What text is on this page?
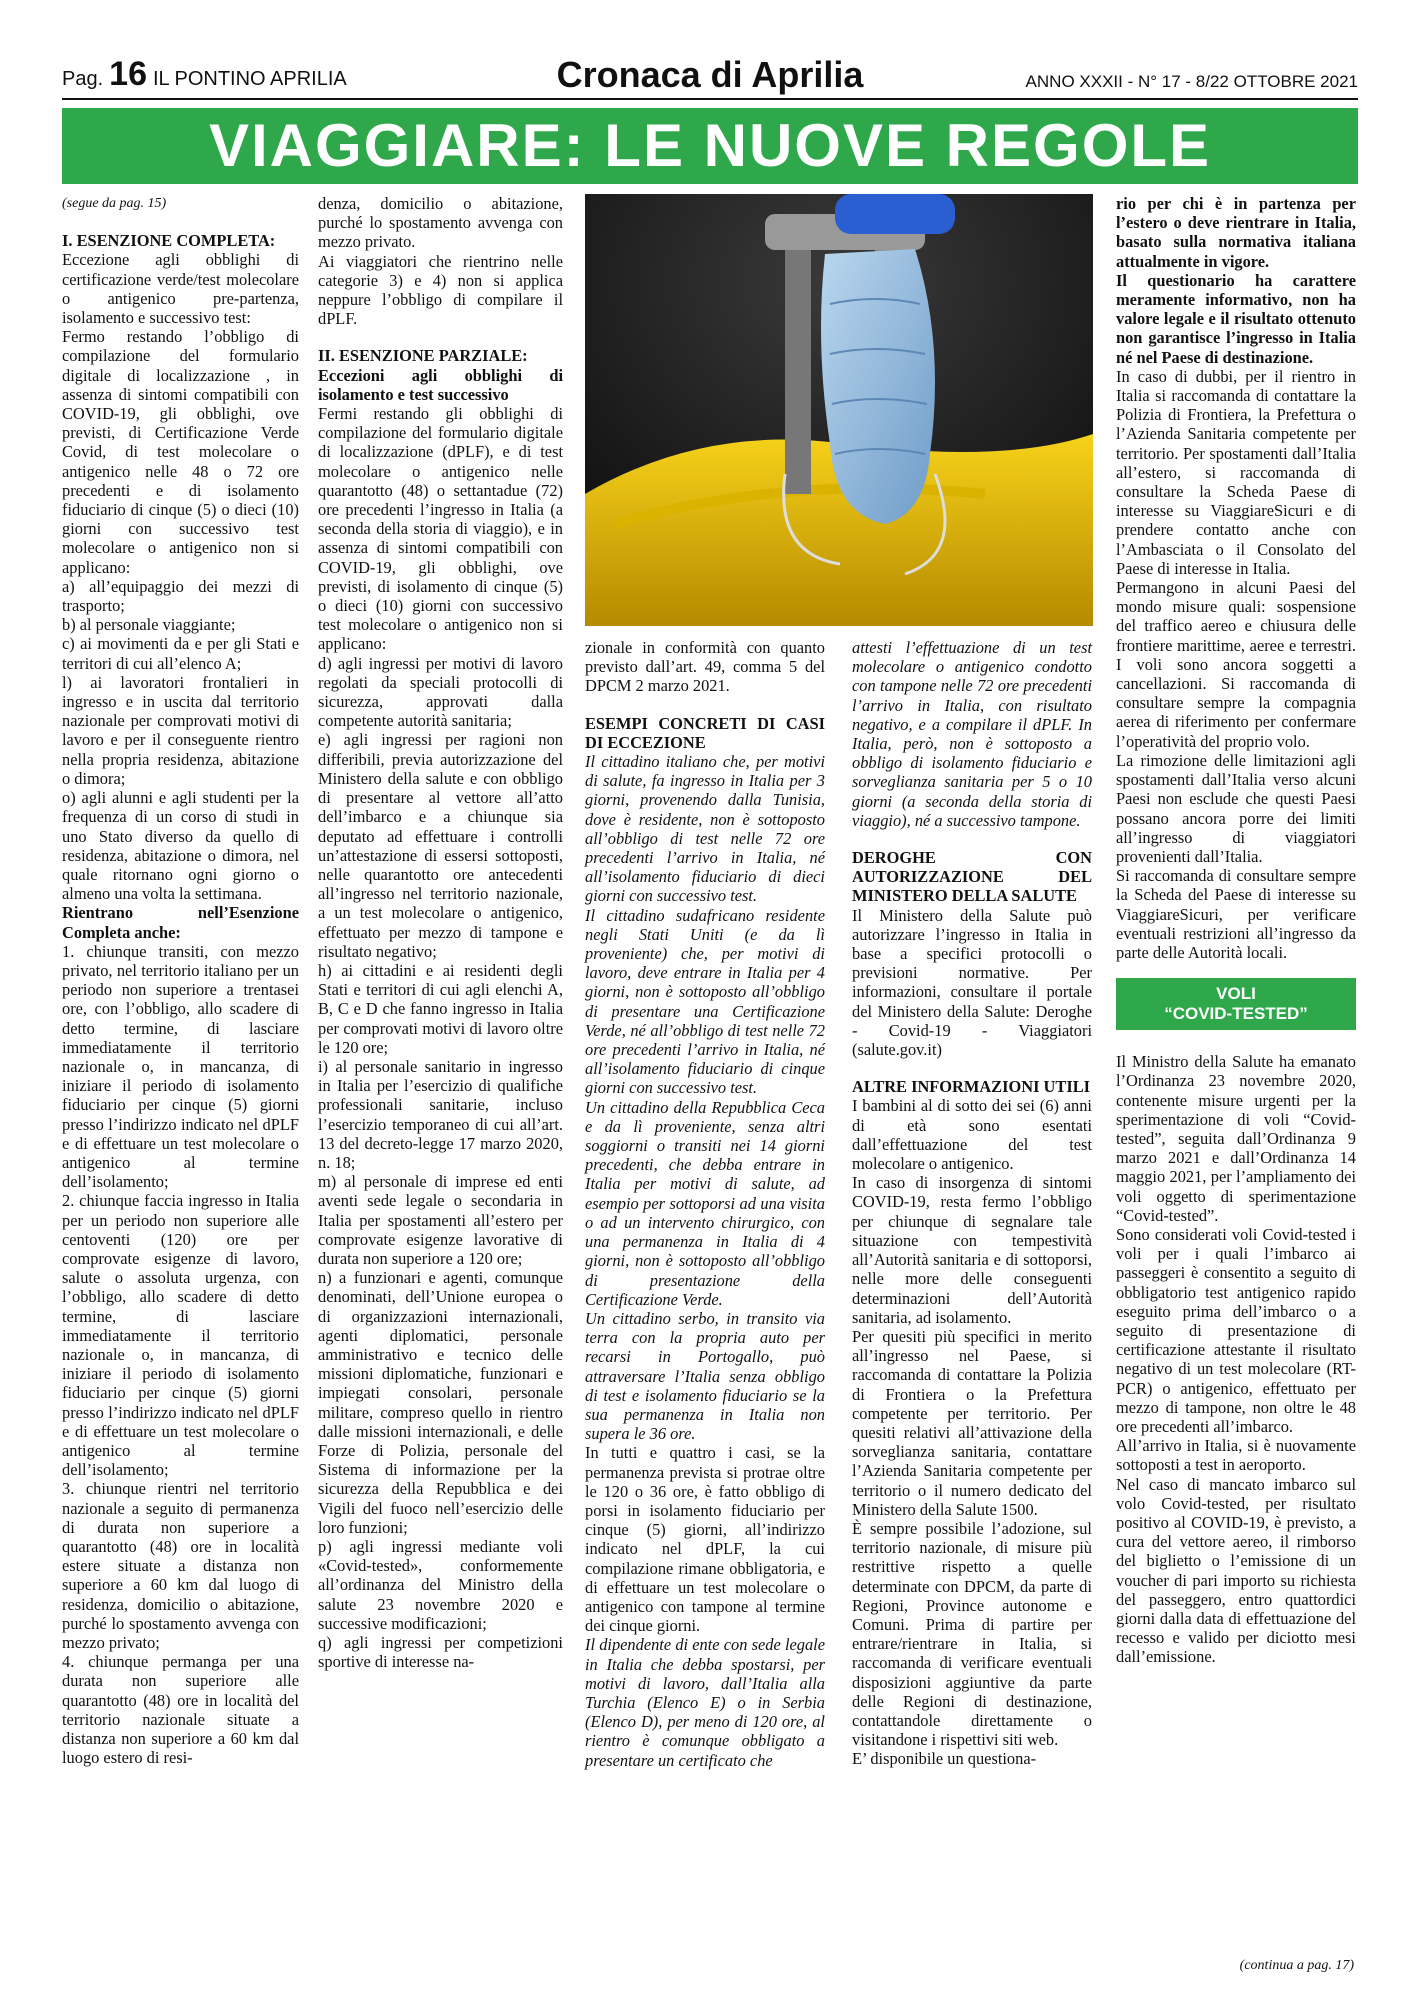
Pag. 16 IL PONTINO APRILIA	Cronaca di Aprilia	ANNO XXXII - N° 17 - 8/22 OTTOBRE 2021
VIAGGIARE: LE NUOVE REGOLE

(segue da pag. 15)

I. ESENZIONE COMPLETA:

Eccezione agli obblighi di certificazione verde/test molecolare o antigenico pre-partenza, isolamento e successivo test:

Fermo restando l’obbligo di compilazione del formulario digitale di localizzazione , in assenza di sintomi compatibili con COVID-19, gli obblighi, ove previsti, di Certificazione Verde Covid, di test molecolare o antigenico nelle 48 o 72 ore precedenti e di isolamento fiduciario di cinque (5) o dieci (10) giorni con successivo test molecolare o antigenico non si applicano:

a) all’equipaggio dei mezzi di trasporto;

b) al personale viaggiante;

c) ai movimenti da e per gli Stati e territori di cui all’elenco A;

l) ai lavoratori frontalieri in ingresso e in uscita dal territorio nazionale per comprovati motivi di lavoro e per il conseguente rientro nella propria residenza, abitazione o dimora;

o) agli alunni e agli studenti per la frequenza di un corso di studi in uno Stato diverso da quello di residenza, abitazione o dimora, nel quale ritornano ogni giorno o almeno una volta la settimana.

Rientrano nell’Esenzione Completa anche:

1. chiunque transiti, con mezzo privato, nel territorio italiano per un periodo non superiore a trentasei ore, con l’obbligo, allo scadere di detto termine, di lasciare immediatamente il territorio nazionale o, in mancanza, di iniziare il periodo di isolamento fiduciario per cinque (5) giorni presso l’indirizzo indicato nel dPLF e di effettuare un test molecolare o antigenico al termine dell’isolamento;

2. chiunque faccia ingresso in Italia per un periodo non superiore alle centoventi (120) ore per comprovate esigenze di lavoro, salute o assoluta urgenza, con l’obbligo, allo scadere di detto termine, di lasciare immediatamente il territorio nazionale o, in mancanza, di iniziare il periodo di isolamento fiduciario per cinque (5) giorni presso l’indirizzo indicato nel dPLF e di effettuare un test molecolare o antigenico al termine dell’isolamento;

3. chiunque rientri nel territorio nazionale a seguito di permanenza di durata non superiore a quarantotto (48) ore in località estere situate a distanza non superiore a 60 km dal luogo di residenza, domicilio o abitazione, purché lo spostamento avvenga con mezzo privato;

4. chiunque permanga per una durata non superiore alle quarantotto (48) ore in località del territorio nazionale situate a distanza non superiore a 60 km dal luogo estero di resi-

denza, domicilio o abitazione, purché lo spostamento avvenga con mezzo privato.

Ai viaggiatori che rientrino nelle categorie 3) e 4) non si applica neppure l’obbligo di compilare il dPLF.

II. ESENZIONE PARZIALE:

Eccezioni agli obblighi di isolamento e test successivo

Fermi restando gli obblighi di compilazione del formulario digitale di localizzazione (dPLF), e di test molecolare o antigenico nelle quarantotto (48) o settantadue (72) ore precedenti l’ingresso in Italia (a seconda della storia di viaggio), e in assenza di sintomi compatibili con COVID-19, gli obblighi, ove previsti, di isolamento di cinque (5) o dieci (10) giorni con successivo test molecolare o antigenico non si applicano:

d) agli ingressi per motivi di lavoro regolati da speciali protocolli di sicurezza, approvati dalla competente autorità sanitaria;

e) agli ingressi per ragioni non differibili, previa autorizzazione del Ministero della salute e con obbligo di presentare al vettore all’atto dell’imbarco e a chiunque sia deputato ad effettuare i controlli un’attestazione di essersi sottoposti, nelle quarantotto ore antecedenti all’ingresso nel territorio nazionale, a un test molecolare o antigenico, effettuato per mezzo di tampone e risultato negativo;

h) ai cittadini e ai residenti degli Stati e territori di cui agli elenchi A, B, C e D che fanno ingresso in Italia per comprovati motivi di lavoro oltre le 120 ore;

i) al personale sanitario in ingresso in Italia per l’esercizio di qualifiche professionali sanitarie, incluso l’esercizio temporaneo di cui all’art. 13 del decreto-legge 17 marzo 2020, n. 18;

m) al personale di imprese ed enti aventi sede legale o secondaria in Italia per spostamenti all’estero per comprovate esigenze lavorative di durata non superiore a 120 ore;

n) a funzionari e agenti, comunque denominati, dell’Unione europea o di organizzazioni internazionali, agenti diplomatici, personale amministrativo e tecnico delle missioni diplomatiche, funzionari e impiegati consolari, personale militare, compreso quello in rientro dalle missioni internazionali, e delle Forze di Polizia, personale del Sistema di informazione per la sicurezza della Repubblica e dei Vigili del fuoco nell’esercizio delle loro funzioni;

p) agli ingressi mediante voli «Covid-tested», conformemente all’ordinanza del Ministro della salute 23 novembre 2020 e successive modificazioni;

q) agli ingressi per competizioni sportive di interesse na-

zionale in conformità con quanto previsto dall’art. 49, comma 5 del DPCM 2 marzo 2021.

ESEMPI CONCRETI DI CASI DI ECCEZIONE

Il cittadino italiano che, per motivi di salute, fa ingresso in Italia per 3 giorni, provenendo dalla Tunisia, dove è residente, non è sottoposto all’obbligo di test nelle 72 ore precedenti l’arrivo in Italia, né all’isolamento fiduciario di dieci giorni con successivo test.

Il cittadino sudafricano residente negli Stati Uniti (e da lì proveniente) che, per motivi di lavoro, deve entrare in Italia per 4 giorni, non è sottoposto all’obbligo di presentare una Certificazione Verde, né all’obbligo di test nelle 72 ore precedenti l’arrivo in Italia, né all’isolamento fiduciario di cinque giorni con successivo test.

Un cittadino della Repubblica Ceca e da lì proveniente, senza altri soggiorni o transiti nei 14 giorni precedenti, che debba entrare in Italia per motivi di salute, ad esempio per sottoporsi ad una visita o ad un intervento chirurgico, con una permanenza in Italia di 4 giorni, non è sottoposto all’obbligo di presentazione della Certificazione Verde.

Un cittadino serbo, in transito via terra con la propria auto per recarsi in Portogallo, può attraversare l’Italia senza obbligo di test e isolamento fiduciario se la sua permanenza in Italia non supera le 36 ore.

In tutti e quattro i casi, se la permanenza prevista si protrae oltre le 120 o 36 ore, è fatto obbligo di porsi in isolamento fiduciario per cinque (5) giorni, all’indirizzo indicato nel dPLF, la cui compilazione rimane obbligatoria, e di effettuare un test molecolare o antigenico con tampone al termine dei cinque giorni.

Il dipendente di ente con sede legale in Italia che debba spostarsi, per motivi di lavoro, dall’Italia alla Turchia (Elenco E) o in Serbia (Elenco D), per meno di 120 ore, al rientro è comunque obbligato a presentare un certificato che

attesti l’effettuazione di un test molecolare o antigenico condotto con tampone nelle 72 ore precedenti l’arrivo in Italia, con risultato negativo, e a compilare il dPLF. In Italia, però, non è sottoposto a obbligo di isolamento fiduciario e sorveglianza sanitaria per 5 o 10 giorni (a seconda della storia di viaggio), né a successivo tampone.

DEROGHE CON AUTORIZZAZIONE DEL MINISTERO DELLA SALUTE

Il Ministero della Salute può autorizzare l’ingresso in Italia in base a specifici protocolli o previsioni normative. Per informazioni, consultare il portale del Ministero della Salute: Deroghe - Covid-19 - Viaggiatori (salute.gov.it)

ALTRE INFORMAZIONI UTILI

I bambini al di sotto dei sei (6) anni di età sono esentati dall’effettuazione del test molecolare o antigenico.

In caso di insorgenza di sintomi COVID-19, resta fermo l’obbligo per chiunque di segnalare tale situazione con tempestività all’Autorità sanitaria e di sottoporsi, nelle more delle conseguenti determinazioni dell’Autorità sanitaria, ad isolamento.

Per quesiti più specifici in merito all’ingresso nel Paese, si raccomanda di contattare la Polizia di Frontiera o la Prefettura competente per territorio. Per quesiti relativi all’attivazione della sorveglianza sanitaria, contattare l’Azienda Sanitaria competente per territorio o il numero dedicato del Ministero della Salute 1500.

È sempre possibile l’adozione, sul territorio nazionale, di misure più restrittive rispetto a quelle determinate con DPCM, da parte di Regioni, Province autonome e Comuni. Prima di partire per entrare/rientrare in Italia, si raccomanda di verificare eventuali disposizioni aggiuntive da parte delle Regioni di destinazione, contattandole direttamente o visitandone i rispettivi siti web.

E’ disponibile un questiona-

rio per chi è in partenza per l’estero o deve rientrare in Italia, basato sulla normativa italiana attualmente in vigore.

Il questionario ha carattere meramente informativo, non ha valore legale e il risultato ottenuto non garantisce l’ingresso in Italia né nel Paese di destinazione.

In caso di dubbi, per il rientro in Italia si raccomanda di contattare la Polizia di Frontiera, la Prefettura o l’Azienda Sanitaria competente per territorio. Per spostamenti dall’Italia all’estero, si raccomanda di consultare la Scheda Paese di interesse su ViaggiareSicuri e di prendere contatto anche con l’Ambasciata o il Consolato del Paese di interesse in Italia.

Permangono in alcuni Paesi del mondo misure quali: sospensione del traffico aereo e chiusura delle frontiere marittime, aeree e terrestri. I voli sono ancora soggetti a cancellazioni. Si raccomanda di consultare sempre la compagnia aerea di riferimento per confermare l’operatività del proprio volo.

La rimozione delle limitazioni agli spostamenti dall’Italia verso alcuni Paesi non esclude che questi Paesi possano ancora porre dei limiti all’ingresso di viaggiatori provenienti dall’Italia.

Si raccomanda di consultare sempre la Scheda del Paese di interesse su ViaggiareSicuri, per verificare eventuali restrizioni all’ingresso da parte delle Autorità locali.

VOLI
“COVID-TESTED”

Il Ministro della Salute ha emanato l’Ordinanza 23 novembre 2020, contenente misure urgenti per la sperimentazione di voli “Covid-tested”, seguita dall’Ordinanza 9 marzo 2021 e dall’Ordinanza 14 maggio 2021, per l’ampliamento dei voli oggetto di sperimentazione “Covid-tested”.

Sono considerati voli Covid-tested i voli per i quali l’imbarco ai passeggeri è consentito a seguito di obbligatorio test antigenico rapido eseguito prima dell’imbarco o a seguito di presentazione di certificazione attestante il risultato negativo di un test molecolare (RT- PCR) o antigenico, effettuato per mezzo di tampone, non oltre le 48 ore precedenti all’imbarco.

All’arrivo in Italia, si è nuovamente sottoposti a test in aeroporto.

Nel caso di mancato imbarco sul volo Covid-tested, per risultato positivo al COVID-19, è previsto, a cura del vettore aereo, il rimborso del biglietto o l’emissione di un voucher di pari importo su richiesta del passeggero, entro quattordici giorni dalla data di effettuazione del recesso e valido per diciotto mesi dall’emissione.

(continua a pag. 17)
